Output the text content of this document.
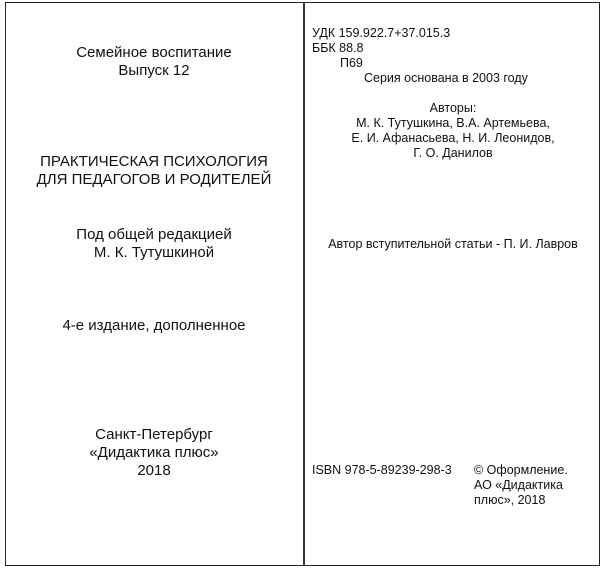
Семейное воспитание
Выпуск 12
ПРАКТИЧЕСКАЯ ПСИХОЛОГИЯ
ДЛЯ ПЕДАГОГОВ И РОДИТЕЛЕЙ
Под общей редакцией
М. К. Тутушкиной
4-е издание, дополненное
Санкт-Петербург
«Дидактика плюс»
2018
УДК 159.922.7+37.015.3
ББК 88.8
П69
Серия основана в 2003 году
Авторы:
М. К. Тутушкина, В.А. Артемьева,
Е. И. Афанасьева, Н. И. Леонидов,
Г. О. Данилов
Автор вступительной статьи - П. И. Лавров
ISBN 978-5-89239-298-3 © Оформление.
АО «Дидактика
плюс», 2018
